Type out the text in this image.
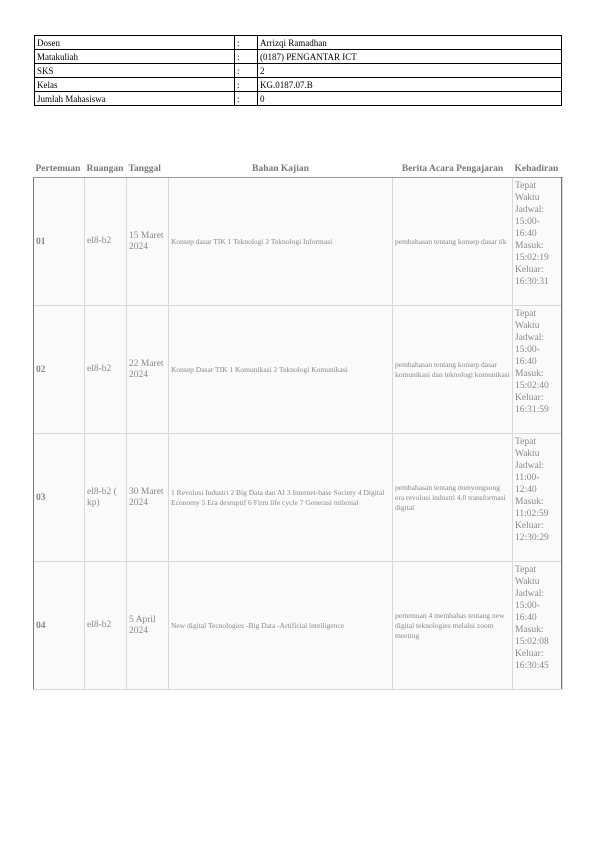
Dosen	:	Arrizqi Ramadhan
Matakuliah	:	(0187) PENGANTAR ICT
SKS	:	2
Kelas	:	KG.0187.07.B
Jumlah Mahasiswa	:	0
Pertemuan	Ruangan	Tanggal	Bahan Kajian	Berita Acara Pengajaran	Kehadiran
01	el8-b2	15 Maret 2024	Konsep dasar TIK 1 Teknologi 2 Teknologi Informasi	pembahasan tentang konsep dasar tik	Tepat Waktu Jadwal: 15:00-16:40 Masuk: 15:02:19 Keluar: 16:30:31
02	el8-b2	22 Maret 2024	Konsep Dasar TIK 1 Komunikasi 2 Teknologi Komunikasi	pembahasan tentang konsep dasar komunikasi dan teknologi komunikasi	Tepat Waktu Jadwal: 15:00-16:40 Masuk: 15:02:40 Keluar: 16:31:59
03	el8-b2 ( kp)	30 Maret 2024	1 Revolusi Industri 2 Big Data dan AI 3 Internet-base Society 4 Digital Economy 5 Era desruptif 6 Firm life cycle 7 Generasi milenial	pembahasan tentang menyongsong era revolusi industri 4.0 transformasi digital	Tepat Waktu Jadwal: 11:00-12:40 Masuk: 11:02:59 Keluar: 12:30:29
04	el8-b2	5 April 2024	New digital Tecnologies -Big Data -Artificial intelligence	pertemuan 4 membahas tentang new digital teknologies melalui zoom meeting	Tepat Waktu Jadwal: 15:00-16:40 Masuk: 15:02:08 Keluar: 16:30:45
